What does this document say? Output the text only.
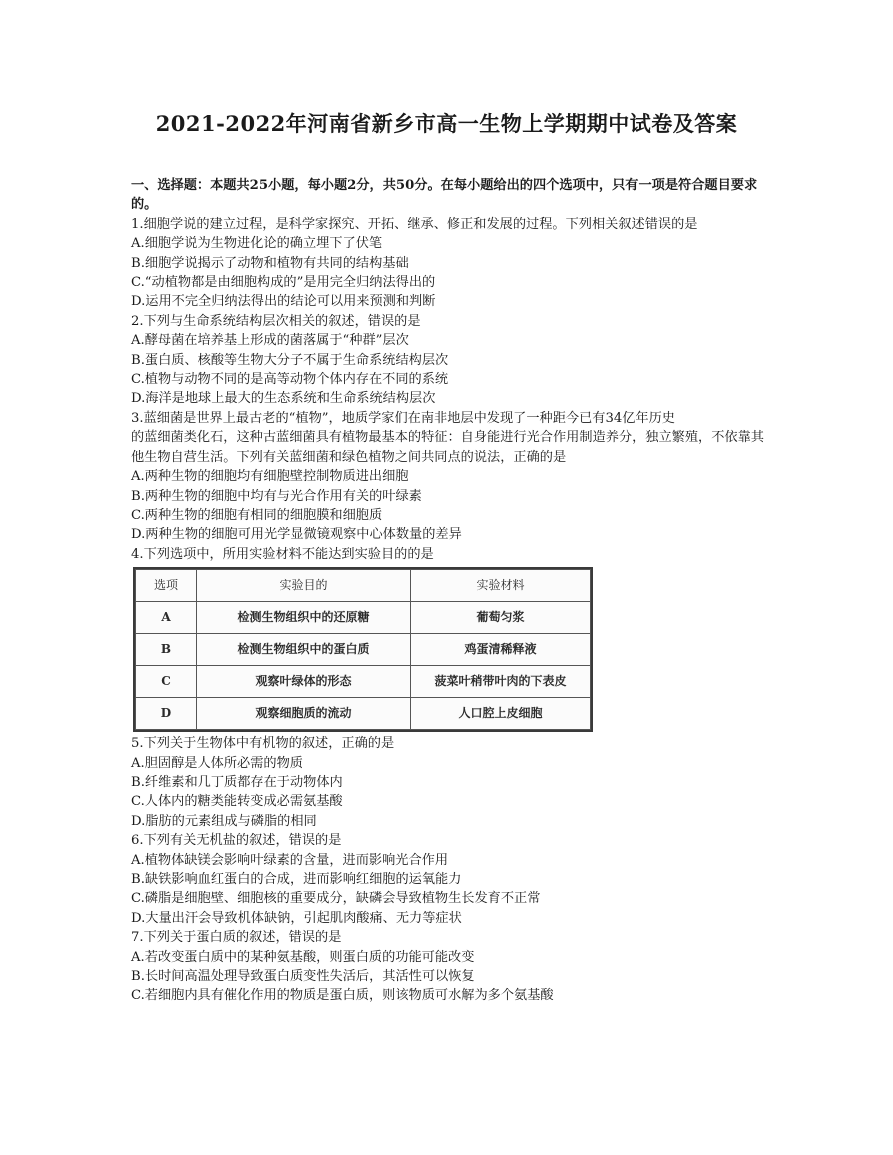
2021-2022年河南省新乡市高一生物上学期期中试卷及答案

一、选择题：本题共25小题，每小题2分，共50分。在每小题给出的四个选项中，只有一项是符合题目要求的。

1.细胞学说的建立过程，是科学家探究、开拓、继承、修正和发展的过程。下列相关叙述错误的是

A.细胞学说为生物进化论的确立埋下了伏笔

B.细胞学说揭示了动物和植物有共同的结构基础

C.“动植物都是由细胞构成的”是用完全归纳法得出的

D.运用不完全归纳法得出的结论可以用来预测和判断

2.下列与生命系统结构层次相关的叙述，错误的是

A.酵母菌在培养基上形成的菌落属于“种群”层次

B.蛋白质、核酸等生物大分子不属于生命系统结构层次

C.植物与动物不同的是高等动物个体内存在不同的系统

D.海洋是地球上最大的生态系统和生命系统结构层次

3.蓝细菌是世界上最古老的“植物”，地质学家们在南非地层中发现了一种距今已有34亿年历史

的蓝细菌类化石，这种古蓝细菌具有植物最基本的特征：自身能进行光合作用制造养分，独立繁殖，不依靠其他生物自营生活。下列有关蓝细菌和绿色植物之间共同点的说法，正确的是

A.两种生物的细胞均有细胞壁控制物质进出细胞

B.两种生物的细胞中均有与光合作用有关的叶绿素

C.两种生物的细胞有相同的细胞膜和细胞质

D.两种生物的细胞可用光学显微镜观察中心体数量的差异

4.下列选项中，所用实验材料不能达到实验目的的是

选项	实验目的	实验材料
A	检测生物组织中的还原糖	葡萄匀浆
B	检测生物组织中的蛋白质	鸡蛋清稀释液
C	观察叶绿体的形态	菠菜叶稍带叶肉的下表皮
D	观察细胞质的流动	人口腔上皮细胞

5.下列关于生物体中有机物的叙述，正确的是

A.胆固醇是人体所必需的物质

B.纤维素和几丁质都存在于动物体内

C.人体内的糖类能转变成必需氨基酸

D.脂肪的元素组成与磷脂的相同

6.下列有关无机盐的叙述，错误的是

A.植物体缺镁会影响叶绿素的含量，进而影响光合作用

B.缺铁影响血红蛋白的合成，进而影响红细胞的运氧能力

C.磷脂是细胞壁、细胞核的重要成分，缺磷会导致植物生长发育不正常

D.大量出汗会导致机体缺钠，引起肌肉酸痛、无力等症状

7.下列关于蛋白质的叙述，错误的是

A.若改变蛋白质中的某种氨基酸，则蛋白质的功能可能改变

B.长时间高温处理导致蛋白质变性失活后，其活性可以恢复

C.若细胞内具有催化作用的物质是蛋白质，则该物质可水解为多个氨基酸
